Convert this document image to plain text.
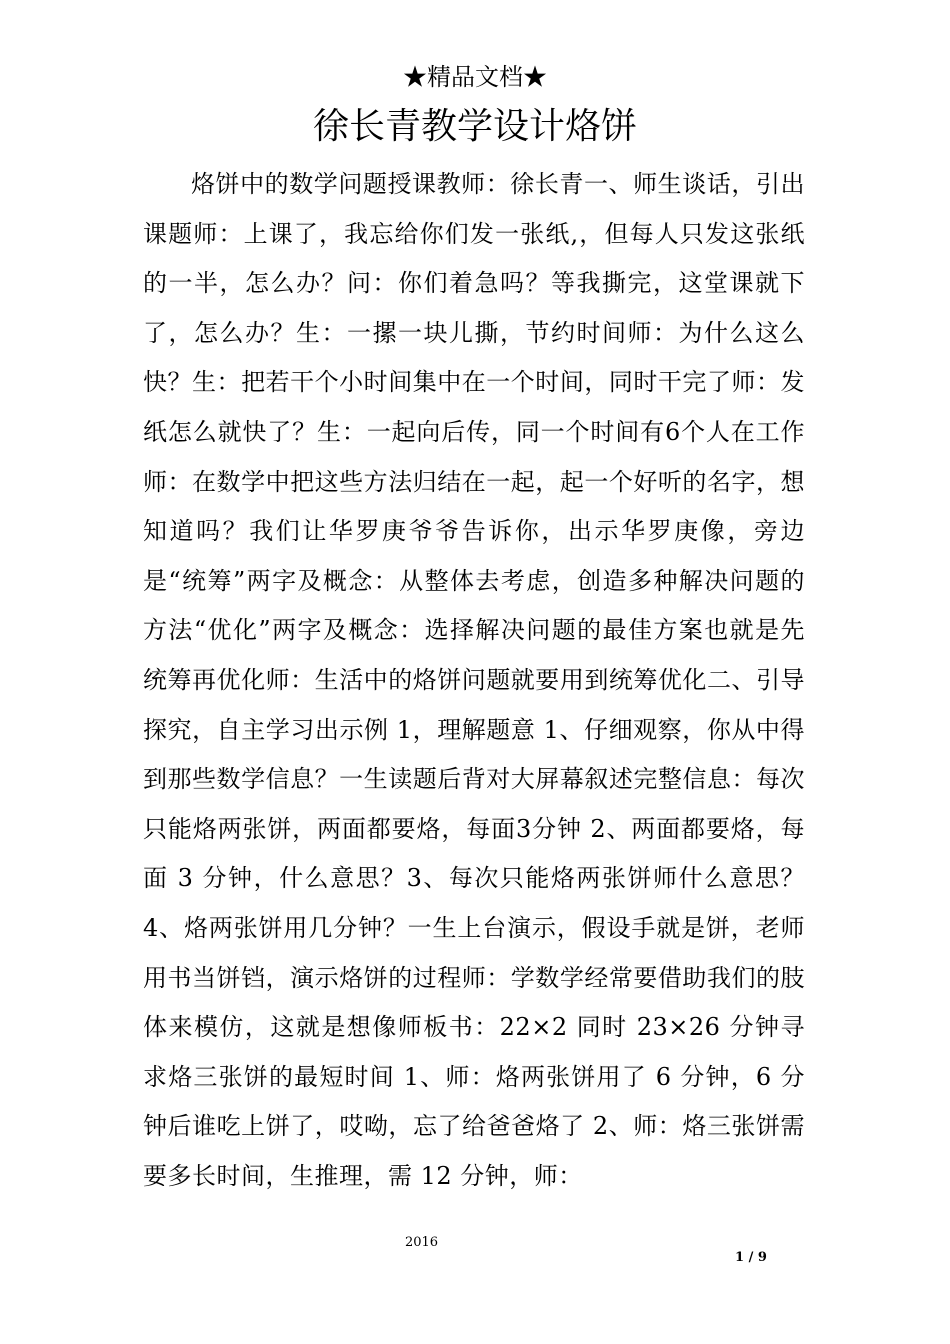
★精品文档★
徐长青教学设计烙饼

烙饼中的数学问题授课教师：徐长青一、师生谈话，引出课题师：上课了，我忘给你们发一张纸,，但每人只发这张纸的一半，怎么办？问：你们着急吗？等我撕完，这堂课就下了，怎么办？生：一摞一块儿撕，节约时间师：为什么这么快？生：把若干个小时间集中在一个时间，同时干完了师：发纸怎么就快了？生：一起向后传，同一个时间有6个人在工作师：在数学中把这些方法归结在一起，起一个好听的名字，想知道吗？我们让华罗庚爷爷告诉你，出示华罗庚像，旁边是“统筹”两字及概念：从整体去考虑，创造多种解决问题的方法“优化”两字及概念：选择解决问题的最佳方案也就是先统筹再优化师：生活中的烙饼问题就要用到统筹优化二、引导探究，自主学习出示例 1，理解题意 1、仔细观察，你从中得到那些数学信息？一生读题后背对大屏幕叙述完整信息：每次只能烙两张饼，两面都要烙，每面3分钟 2、两面都要烙，每面 3 分钟，什么意思？3、每次只能烙两张饼师什么意思？4、烙两张饼用几分钟？一生上台演示，假设手就是饼，老师用书当饼铛，演示烙饼的过程师：学数学经常要借助我们的肢体来模仿，这就是想像师板书：22×2 同时 23×26 分钟寻求烙三张饼的最短时间 1、师：烙两张饼用了 6 分钟，6 分钟后谁吃上饼了，哎呦，忘了给爸爸烙了 2、师：烙三张饼需要多长时间，生推理，需 12 分钟，师：

2016
1 / 9
